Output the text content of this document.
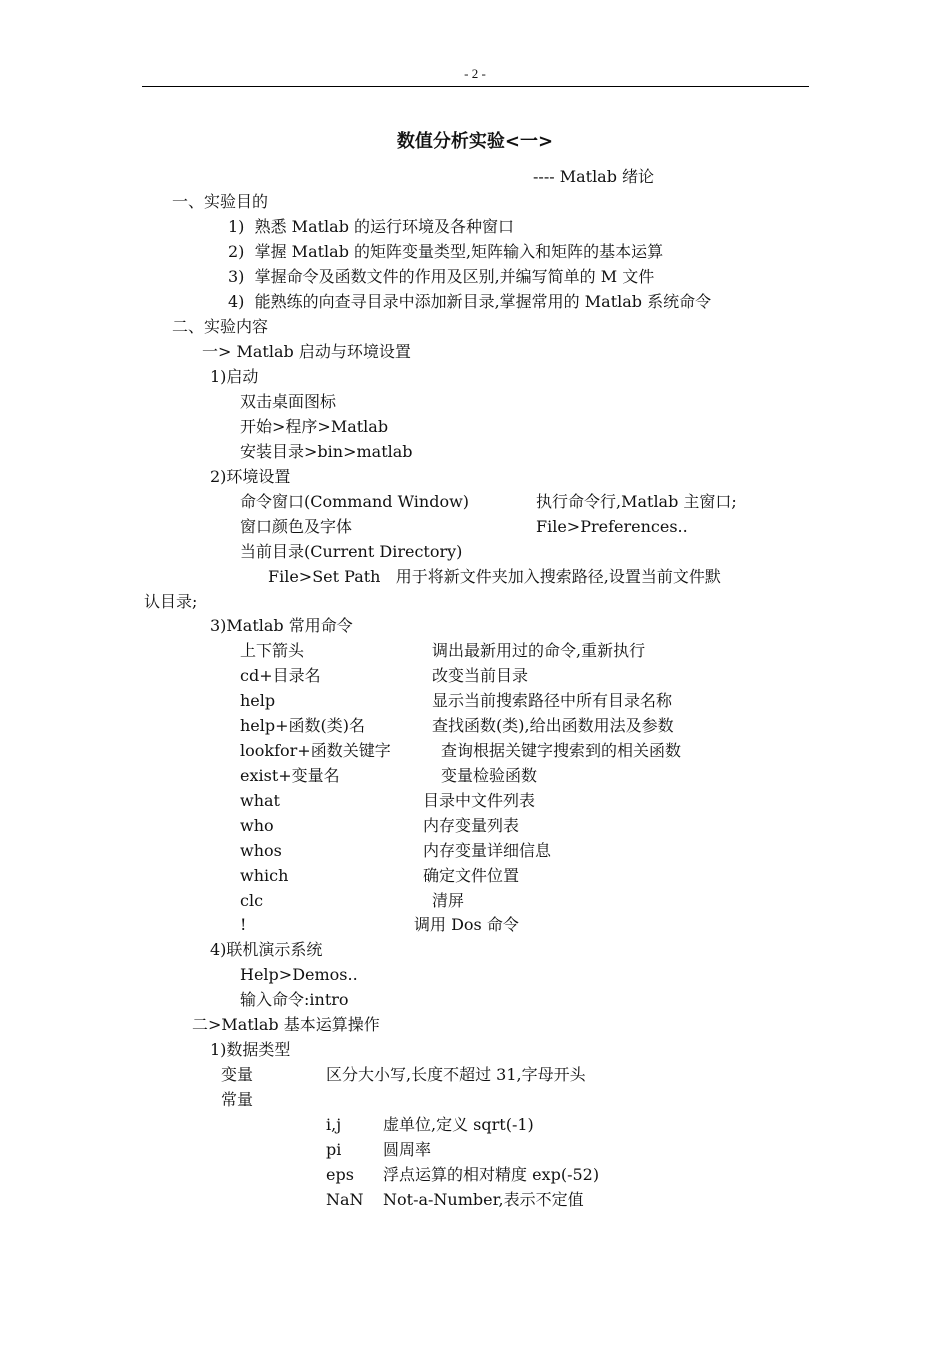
- 2 -
数值分析实验<一>
---- Matlab 绪论
一、实验目的
1)  熟悉 Matlab 的运行环境及各种窗口
2)  掌握 Matlab 的矩阵变量类型,矩阵输入和矩阵的基本运算
3)  掌握命令及函数文件的作用及区别,并编写简单的 M 文件
4)  能熟练的向查寻目录中添加新目录,掌握常用的 Matlab 系统命令
二、实验内容
一> Matlab 启动与环境设置
1)启动
双击桌面图标
开始>程序>Matlab
安装目录>bin>matlab
2)环境设置
命令窗口(Command Window)	执行命令行,Matlab 主窗口;
窗口颜色及字体	File>Preferences..
当前目录(Current Directory)
File>Set Path   用于将新文件夹加入搜索路径,设置当前文件默
认目录;
3)Matlab 常用命令
上下箭头	调出最新用过的命令,重新执行
cd+目录名	改变当前目录
help	显示当前搜索路径中所有目录名称
help+函数(类)名	查找函数(类),给出函数用法及参数
lookfor+函数关键字	查询根据关键字搜索到的相关函数
exist+变量名	变量检验函数
what	目录中文件列表
who	内存变量列表
whos	内存变量详细信息
which	确定文件位置
clc	清屏
!	调用 Dos 命令
4)联机演示系统
Help>Demos..
输入命令:intro
二>Matlab 基本运算操作
1)数据类型
变量	区分大小写,长度不超过 31,字母开头
常量
i,j	虚单位,定义 sqrt(-1)
pi	圆周率
eps 浮点运算的相对精度 exp(-52)
NaN Not-a-Number,表示不定值
